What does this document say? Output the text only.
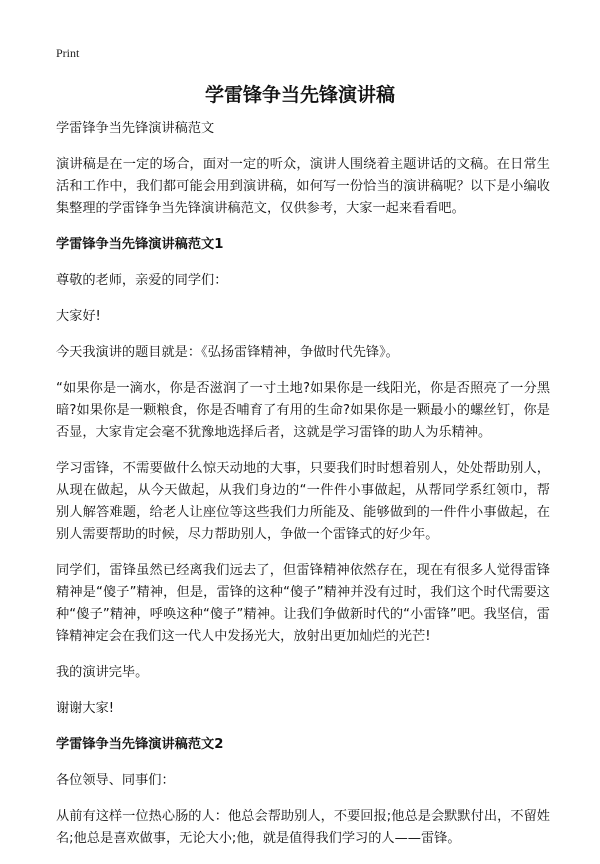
Print
学雷锋争当先锋演讲稿

学雷锋争当先锋演讲稿范文

演讲稿是在一定的场合，面对一定的听众，演讲人围绕着主题讲话的文稿。在日常生活和工作中，我们都可能会用到演讲稿，如何写一份恰当的演讲稿呢？以下是小编收集整理的学雷锋争当先锋演讲稿范文，仅供参考，大家一起来看看吧。

学雷锋争当先锋演讲稿范文1

尊敬的老师，亲爱的同学们：

大家好!

今天我演讲的题目就是：《弘扬雷锋精神，争做时代先锋》。

“如果你是一滴水，你是否滋润了一寸土地?如果你是一线阳光，你是否照亮了一分黑暗?如果你是一颗粮食，你是否哺育了有用的生命?如果你是一颗最小的螺丝钉，你是否显，大家肯定会毫不犹豫地选择后者，这就是学习雷锋的助人为乐精神。

学习雷锋，不需要做什么惊天动地的大事，只要我们时时想着别人，处处帮助别人，从现在做起，从今天做起，从我们身边的“一件件小事做起，从帮同学系红领巾，帮别人解答难题，给老人让座位等这些我们力所能及、能够做到的一件件小事做起，在别人需要帮助的时候，尽力帮助别人，争做一个雷锋式的好少年。

同学们，雷锋虽然已经离我们远去了，但雷锋精神依然存在，现在有很多人觉得雷锋精神是“傻子”精神，但是，雷锋的这种“傻子”精神并没有过时，我们这个时代需要这种“傻子”精神，呼唤这种“傻子”精神。让我们争做新时代的“小雷锋”吧。我坚信，雷锋精神定会在我们这一代人中发扬光大，放射出更加灿烂的光芒!

我的演讲完毕。

谢谢大家!

学雷锋争当先锋演讲稿范文2

各位领导、同事们：

从前有这样一位热心肠的人：他总会帮助别人，不要回报;他总是会默默付出，不留姓名;他总是喜欢做事，无论大小;他，就是值得我们学习的人——雷锋。
